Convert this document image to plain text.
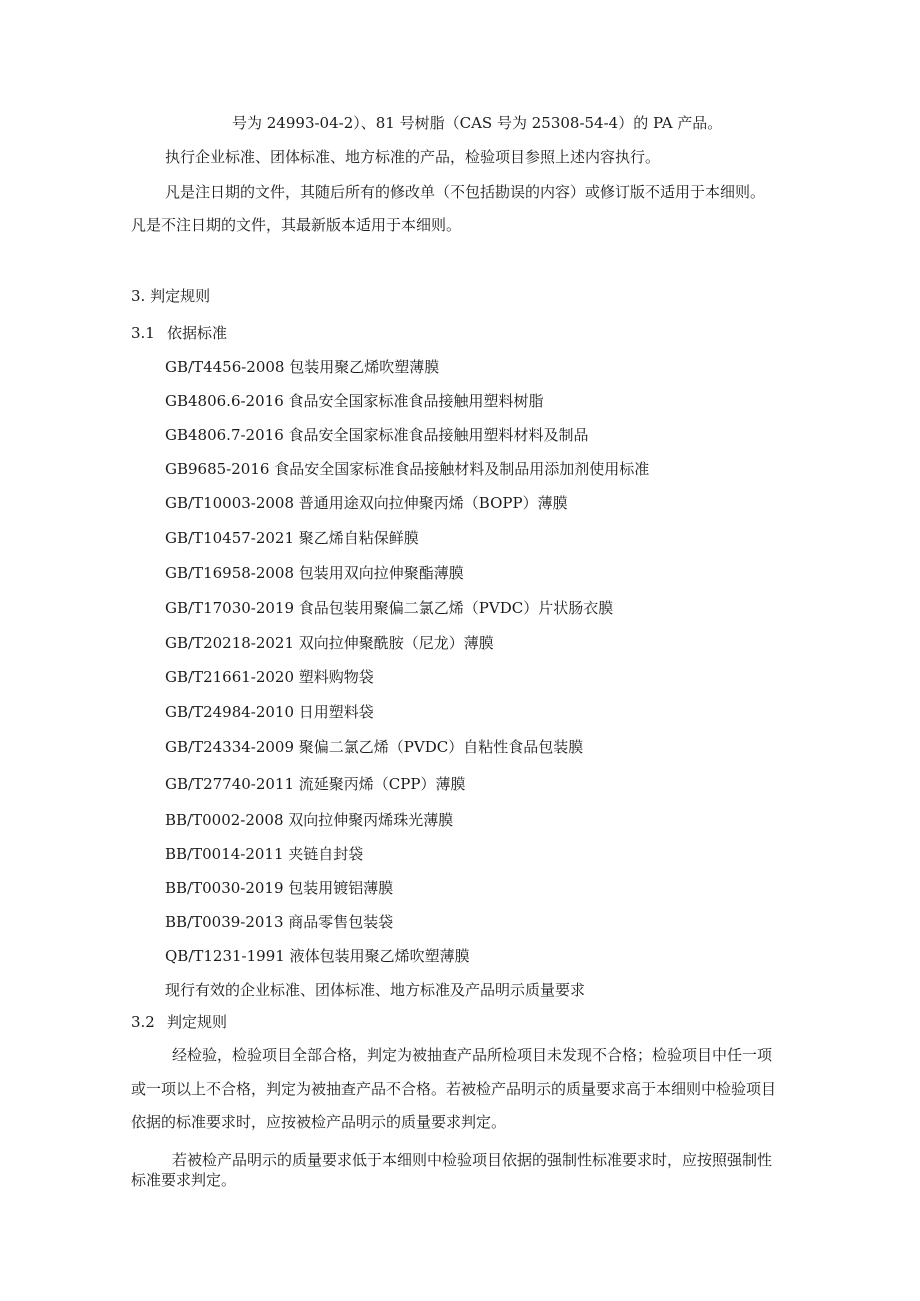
号为 24993-04-2）、81 号树脂（CAS 号为 25308-54-4）的 PA 产品。
执行企业标准、团体标准、地方标准的产品，检验项目参照上述内容执行。
凡是注日期的文件，其随后所有的修改单（不包括勘误的内容）或修订版不适用于本细则。
凡是不注日期的文件，其最新版本适用于本细则。
3. 判定规则
3.1 依据标准
GB/T4456-2008 包装用聚乙烯吹塑薄膜
GB4806.6-2016 食品安全国家标准食品接触用塑料树脂
GB4806.7-2016 食品安全国家标准食品接触用塑料材料及制品
GB9685-2016 食品安全国家标准食品接触材料及制品用添加剂使用标准
GB/T10003-2008 普通用途双向拉伸聚丙烯（BOPP）薄膜
GB/T10457-2021 聚乙烯自粘保鲜膜
GB/T16958-2008 包装用双向拉伸聚酯薄膜
GB/T17030-2019 食品包装用聚偏二氯乙烯（PVDC）片状肠衣膜
GB/T20218-2021 双向拉伸聚酰胺（尼龙）薄膜
GB/T21661-2020 塑料购物袋
GB/T24984-2010 日用塑料袋
GB/T24334-2009 聚偏二氯乙烯（PVDC）自粘性食品包装膜
GB/T27740-2011 流延聚丙烯（CPP）薄膜
BB/T0002-2008 双向拉伸聚丙烯珠光薄膜
BB/T0014-2011 夹链自封袋
BB/T0030-2019 包装用镀铝薄膜
BB/T0039-2013 商品零售包装袋
QB/T1231-1991 液体包装用聚乙烯吹塑薄膜
现行有效的企业标准、团体标准、地方标准及产品明示质量要求
3.2 判定规则
经检验，检验项目全部合格，判定为被抽查产品所检项目未发现不合格；检验项目中任一项
或一项以上不合格，判定为被抽查产品不合格。若被检产品明示的质量要求高于本细则中检验项目
依据的标准要求时，应按被检产品明示的质量要求判定。
若被检产品明示的质量要求低于本细则中检验项目依据的强制性标准要求时，应按照强制性
标准要求判定。
